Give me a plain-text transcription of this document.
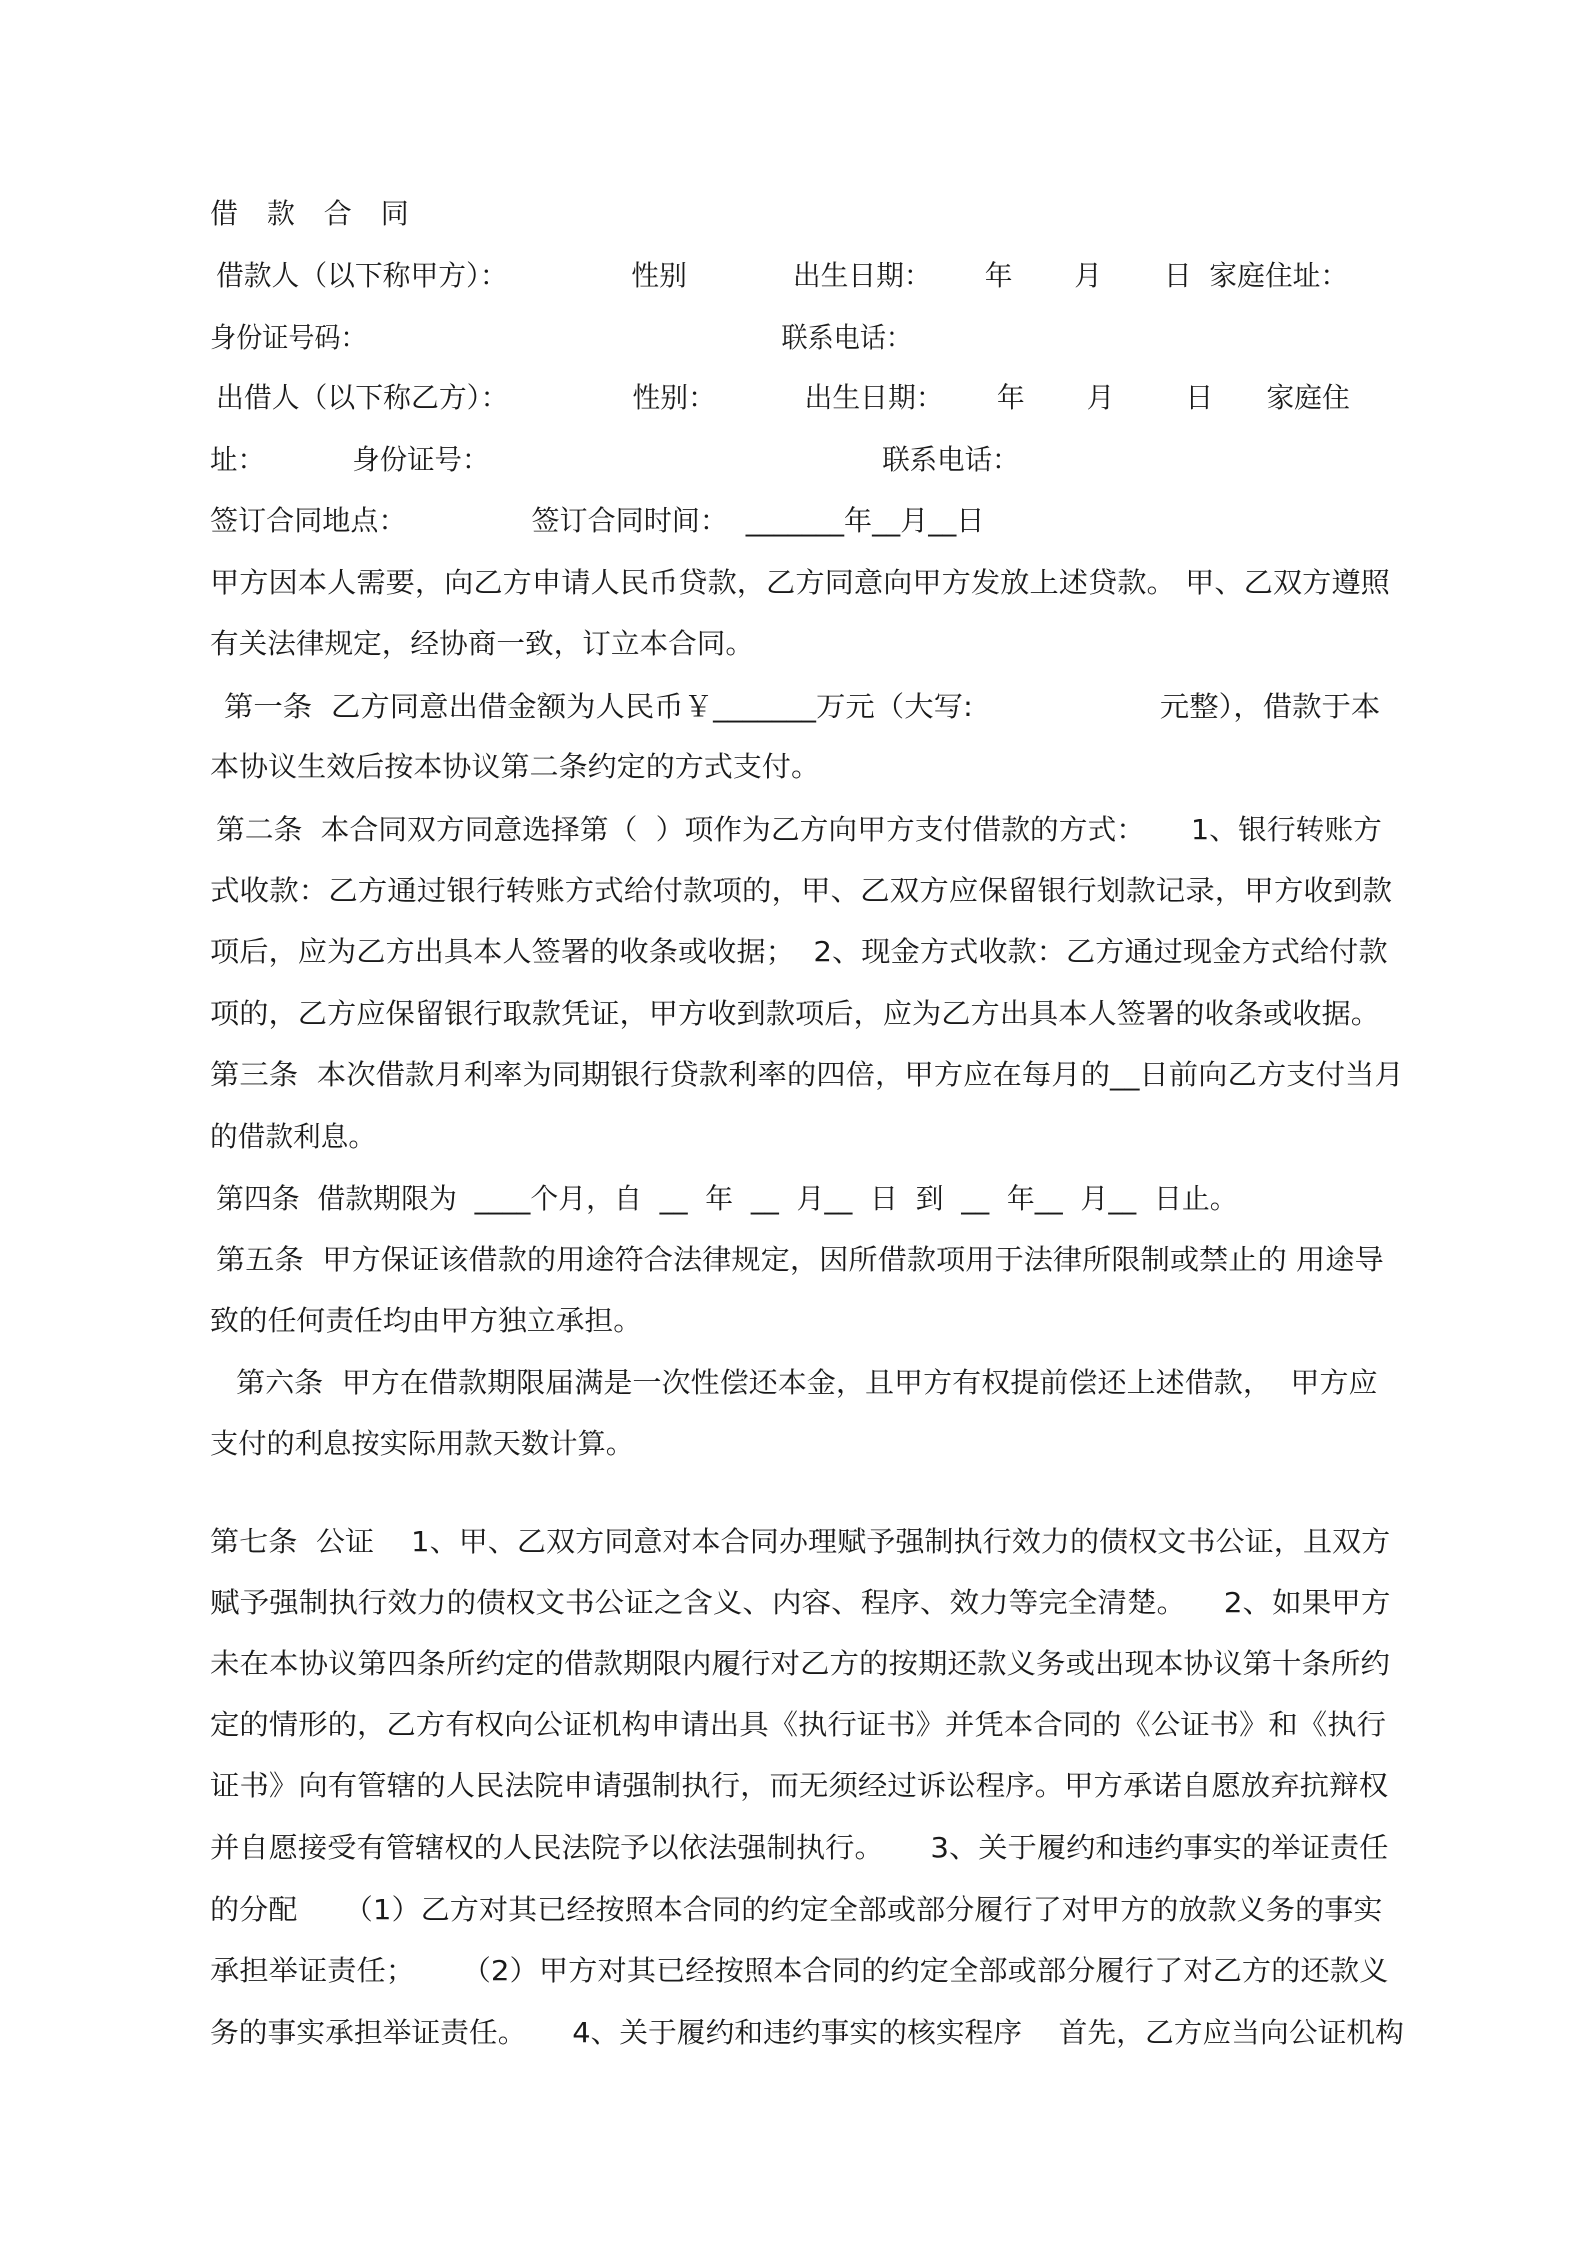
借 款 合 同
借款人（以下称甲方）：              性别            出生日期：      年       月       日  家庭住址：
身份证号码：                                                  联系电话：
出借人（以下称乙方）：              性别：          出生日期：      年       月        日      家庭住
址：          身份证号：                                             联系电话：
签订合同地点：              签订合同时间：  _______年__月__日
甲方因本人需要，向乙方申请人民币贷款，乙方同意向甲方发放上述贷款。 甲、乙双方遵照
有关法律规定，经协商一致，订立本合同。
第一条  乙方同意出借金额为人民币￥_______万元（大写:                    元整），借款于本
本协议生效后按本协议第二条约定的方式支付。
第二条  本合同双方同意选择第（  ）项作为乙方向甲方支付借款的方式：     1、银行转账方
式收款：乙方通过银行转账方式给付款项的，甲、乙双方应保留银行划款记录，甲方收到款
项后，应为乙方出具本人签署的收条或收据；  2、现金方式收款：乙方通过现金方式给付款
项的，乙方应保留银行取款凭证，甲方收到款项后，应为乙方出具本人签署的收条或收据。
第三条  本次借款月利率为同期银行贷款利率的四倍，甲方应在每月的__日前向乙方支付当月
的借款利息。
第四条  借款期限为  ____个月，自  __  年  __  月__  日  到  __  年__  月__  日止。
第五条  甲方保证该借款的用途符合法律规定，因所借款项用于法律所限制或禁止的 用途导
致的任何责任均由甲方独立承担。
第六条  甲方在借款期限届满是一次性偿还本金，且甲方有权提前偿还上述借款，  甲方应
支付的利息按实际用款天数计算。
第七条  公证    1、甲、乙双方同意对本合同办理赋予强制执行效力的债权文书公证，且双方
赋予强制执行效力的债权文书公证之含义、内容、程序、效力等完全清楚。    2、如果甲方
未在本协议第四条所约定的借款期限内履行对乙方的按期还款义务或出现本协议第十条所约
定的情形的，乙方有权向公证机构申请出具《执行证书》并凭本合同的《公证书》和《执行
证书》向有管辖的人民法院申请强制执行，而无须经过诉讼程序。甲方承诺自愿放弃抗辩权
并自愿接受有管辖权的人民法院予以依法强制执行。     3、关于履约和违约事实的举证责任
的分配     （1）乙方对其已经按照本合同的约定全部或部分履行了对甲方的放款义务的事实
承担举证责任；     （2）甲方对其已经按照本合同的约定全部或部分履行了对乙方的还款义
务的事实承担举证责任。     4、关于履约和违约事实的核实程序    首先，乙方应当向公证机构
